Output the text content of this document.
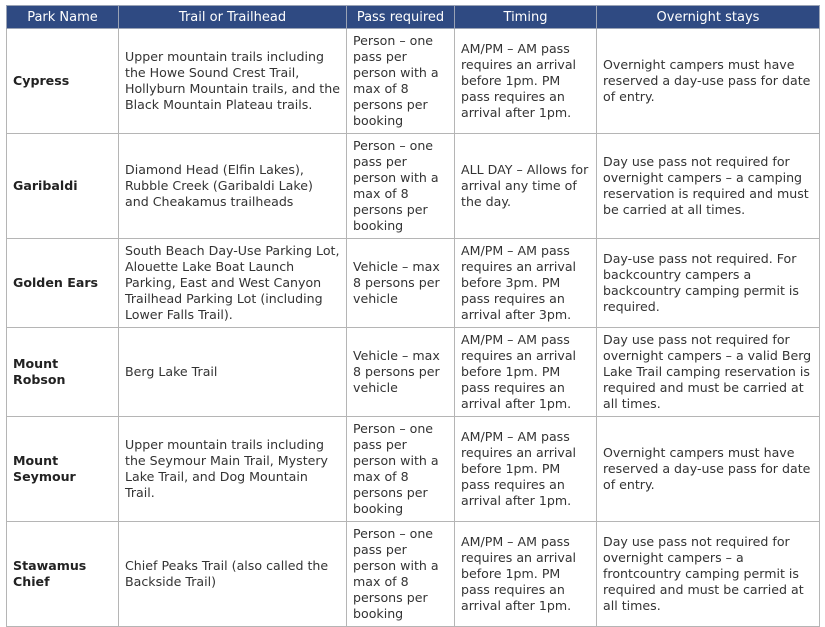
Park Name	Trail or Trailhead	Pass required	Timing	Overnight stays
Cypress	Upper mountain trails including the Howe Sound Crest Trail, Hollyburn Mountain trails, and the Black Mountain Plateau trails.	Person – one pass per person with a max of 8 persons per booking	AM/PM – AM pass requires an arrival before 1pm. PM pass requires an arrival after 1pm.	Overnight campers must have reserved a day-use pass for date of entry.
Garibaldi	Diamond Head (Elfin Lakes), Rubble Creek (Garibaldi Lake) and Cheakamus trailheads	Person – one pass per person with a max of 8 persons per booking	ALL DAY – Allows for arrival any time of the day.	Day use pass not required for overnight campers – a camping reservation is required and must be carried at all times.
Golden Ears	South Beach Day-Use Parking Lot, Alouette Lake Boat Launch Parking, East and West Canyon Trailhead Parking Lot (including Lower Falls Trail).	Vehicle – max 8 persons per vehicle	AM/PM – AM pass requires an arrival before 3pm. PM pass requires an arrival after 3pm.	Day-use pass not required. For backcountry campers a backcountry camping permit is required.
Mount Robson	Berg Lake Trail	Vehicle – max 8 persons per vehicle	AM/PM – AM pass requires an arrival before 1pm. PM pass requires an arrival after 1pm.	Day use pass not required for overnight campers – a valid Berg Lake Trail camping reservation is required and must be carried at all times.
Mount Seymour	Upper mountain trails including the Seymour Main Trail, Mystery Lake Trail, and Dog Mountain Trail.	Person – one pass per person with a max of 8 persons per booking	AM/PM – AM pass requires an arrival before 1pm. PM pass requires an arrival after 1pm.	Overnight campers must have reserved a day-use pass for date of entry.
Stawamus Chief	Chief Peaks Trail (also called the Backside Trail)	Person – one pass per person with a max of 8 persons per booking	AM/PM – AM pass requires an arrival before 1pm. PM pass requires an arrival after 1pm.	Day use pass not required for overnight campers – a frontcountry camping permit is required and must be carried at all times.
